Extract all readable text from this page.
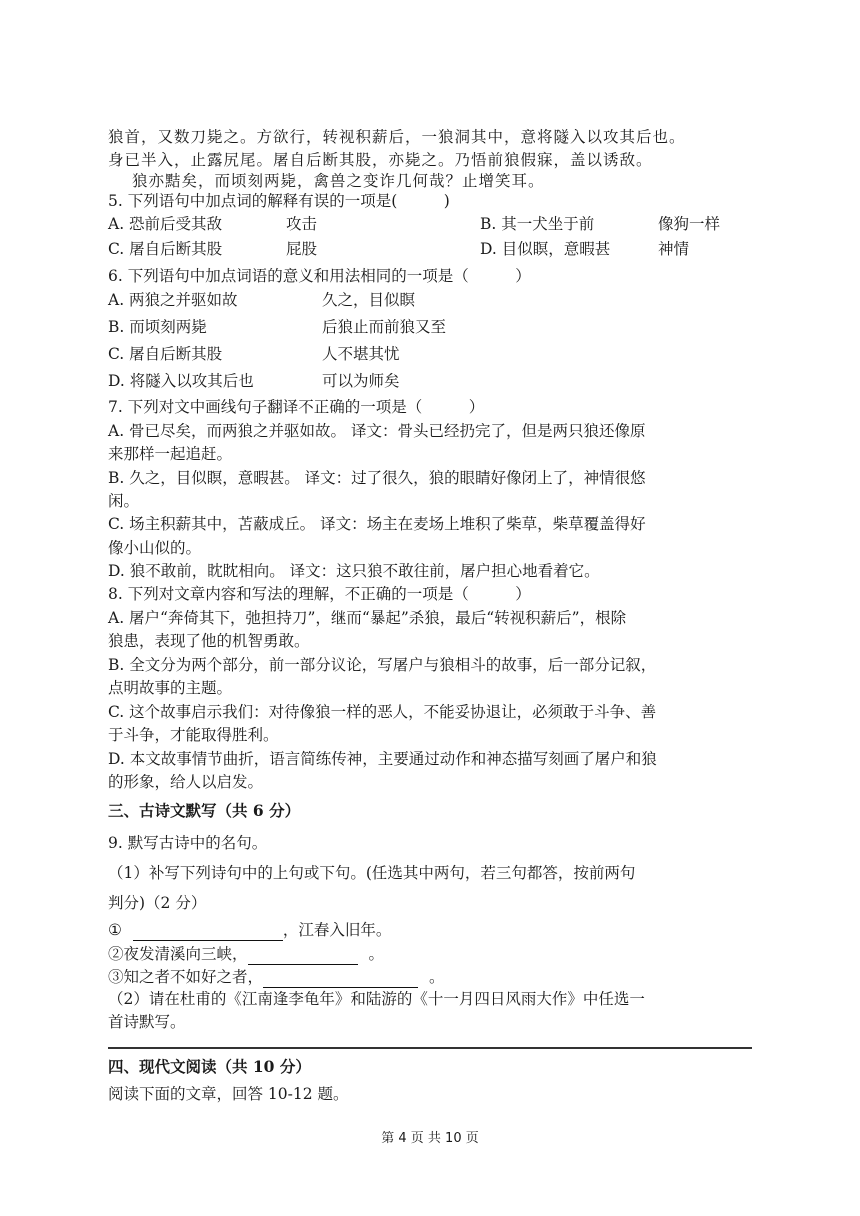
狼首，又数刀毙之。方欲行，转视积薪后，一狼洞其中，意将隧入以攻其后也。
身已半入，止露尻尾。屠自后断其股，亦毙之。乃悟前狼假寐，盖以诱敌。
狼亦黠矣，而顷刻两毙，禽兽之变诈几何哉？止增笑耳。
5. 下列语句中加点词的解释有误的一项是(　　　)
A. 恐前后受其敌	攻击	B. 其一犬坐于前	像狗一样
C. 屠自后断其股	屁股	D. 目似瞑，意暇甚	神情
6. 下列语句中加点词语的意义和用法相同的一项是（　　　）
A. 两狼之并驱如故	久之，目似瞑
B. 而顷刻两毙	后狼止而前狼又至
C. 屠自后断其股	人不堪其忧
D. 将隧入以攻其后也	可以为师矣
7. 下列对文中画线句子翻译不正确的一项是（　　　）
A. 骨已尽矣，而两狼之并驱如故。 译文：骨头已经扔完了，但是两只狼还像原
来那样一起追赶。
B. 久之，目似瞑，意暇甚。 译文：过了很久，狼的眼睛好像闭上了，神情很悠
闲。
C. 场主积薪其中，苫蔽成丘。 译文：场主在麦场上堆积了柴草，柴草覆盖得好
像小山似的。
D. 狼不敢前，眈眈相向。 译文：这只狼不敢往前，屠户担心地看着它。
8. 下列对文章内容和写法的理解，不正确的一项是（　　　）
A. 屠户“奔倚其下，弛担持刀”，继而“暴起”杀狼，最后“转视积薪后”，根除
狼患，表现了他的机智勇敢。
B. 全文分为两个部分，前一部分议论，写屠户与狼相斗的故事，后一部分记叙，
点明故事的主题。
C. 这个故事启示我们：对待像狼一样的恶人，不能妥协退让，必须敢于斗争、善
于斗争，才能取得胜利。
D. 本文故事情节曲折，语言简练传神，主要通过动作和神态描写刻画了屠户和狼
的形象，给人以启发。
三、古诗文默写（共 6 分）
9. 默写古诗中的名句。
（1）补写下列诗句中的上句或下句。(任选其中两句，若三句都答，按前两句
判分)（2 分）
①	，江春入旧年。
②夜发清溪向三峡，	。
③知之者不如好之者，	。
（2）请在杜甫的《江南逢李龟年》和陆游的《十一月四日风雨大作》中任选一
首诗默写。
四、现代文阅读（共 10 分）
阅读下面的文章，回答 10-12 题。
第 4 页 共 10 页
